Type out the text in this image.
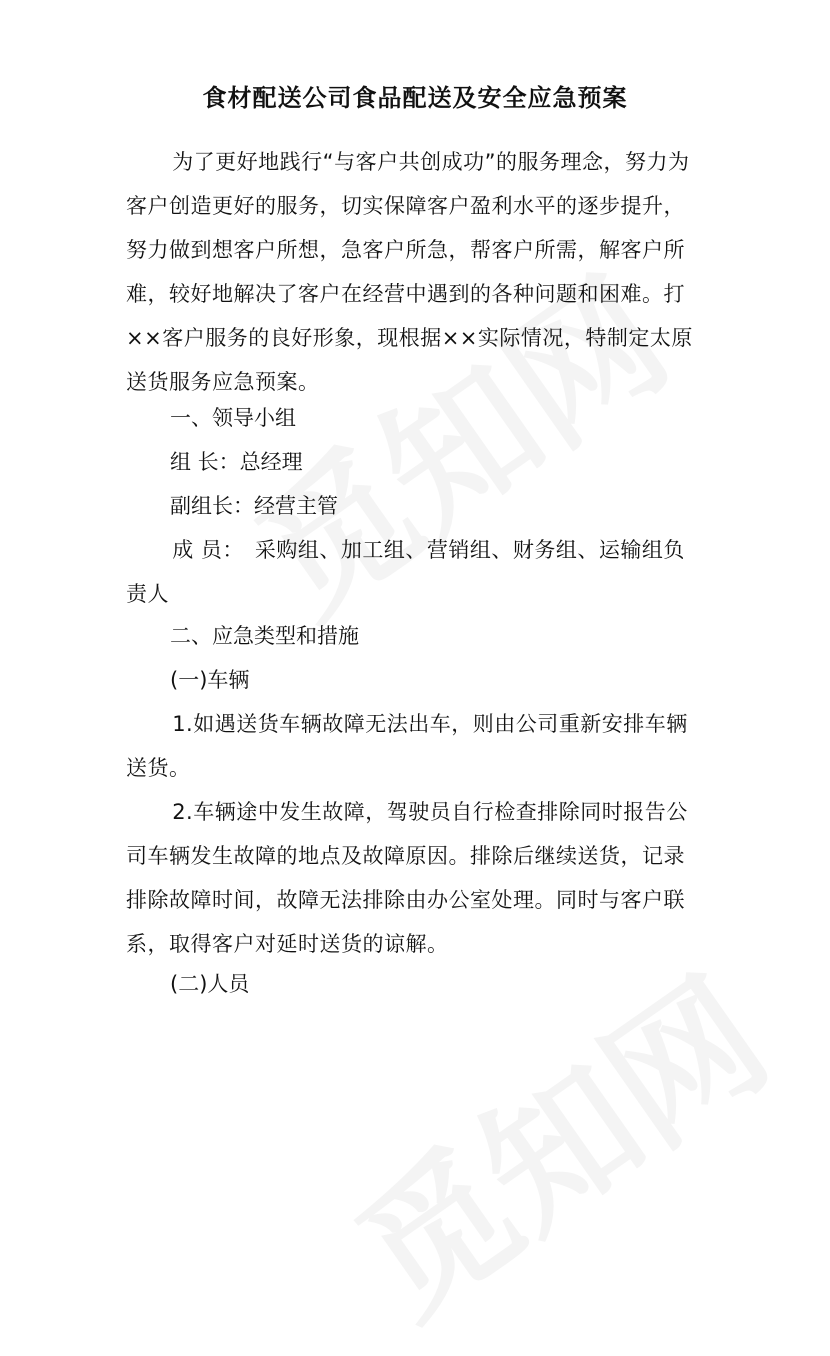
食材配送公司食品配送及安全应急预案

为了更好地践行“与客户共创成功”的服务理念，努力为客户创造更好的服务，切实保障客户盈利水平的逐步提升，努力做到想客户所想，急客户所急，帮客户所需，解客户所难，较好地解决了客户在经营中遇到的各种问题和困难。打××客户服务的良好形象，现根据××实际情况，特制定太原送货服务应急预案。

一、领导小组
组 长：总经理
副组长：经营主管

成 员：　采购组、加工组、营销组、财务组、运输组负责人

二、应急类型和措施
(一)车辆

1.如遇送货车辆故障无法出车，则由公司重新安排车辆送货。

2.车辆途中发生故障，驾驶员自行检查排除同时报告公司车辆发生故障的地点及故障原因。排除后继续送货，记录排除故障时间，故障无法排除由办公室处理。同时与客户联系，取得客户对延时送货的谅解。

(二)人员
